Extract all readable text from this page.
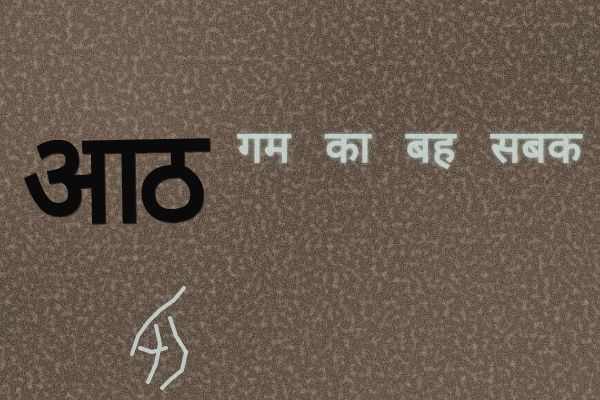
आठ गम का बह सबक
